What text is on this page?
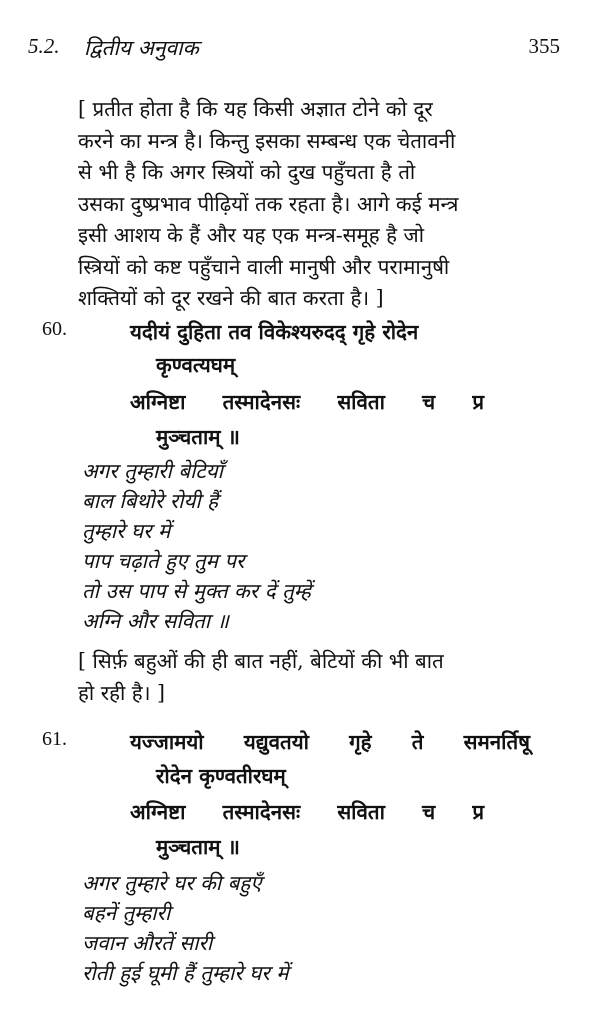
5.2. द्वितीय अनुवाक	355
[ प्रतीत होता है कि यह किसी अज्ञात टोने को दूर
करने का मन्त्र है। किन्तु इसका सम्बन्ध एक चेतावनी
से भी है कि अगर स्त्रियों को दुख पहुँचता है तो
उसका दुष्प्रभाव पीढ़ियों तक रहता है। आगे कई मन्त्र
इसी आशय के हैं और यह एक मन्त्र-समूह है जो
स्त्रियों को कष्ट पहुँचाने वाली मानुषी और परामानुषी
शक्तियों को दूर रखने की बात करता है। ]
60.	यदीयं दुहिता तव विकेश्यरुदद् गृहे रोदेन
कृण्वत्यघम्
अग्निष्टा तस्मादेनसः सविता च प्र
मुञ्चताम् ॥
अगर तुम्हारी बेटियाँ
बाल बिथोरे रोयी हैं
तुम्हारे घर में
पाप चढ़ाते हुए तुम पर
तो उस पाप से मुक्त कर दें तुम्हें
अग्नि और सविता ॥
[ सिर्फ़ बहुओं की ही बात नहीं, बेटियों की भी बात
हो रही है। ]
61.	यज्जामयो यद्युवतयो गृहे ते समनर्तिषू
रोदेन कृण्वतीरघम्
अग्निष्टा तस्मादेनसः सविता च प्र
मुञ्चताम् ॥
अगर तुम्हारे घर की बहुएँ
बहनें तुम्हारी
जवान औरतें सारी
रोती हुई घूमी हैं तुम्हारे घर में
